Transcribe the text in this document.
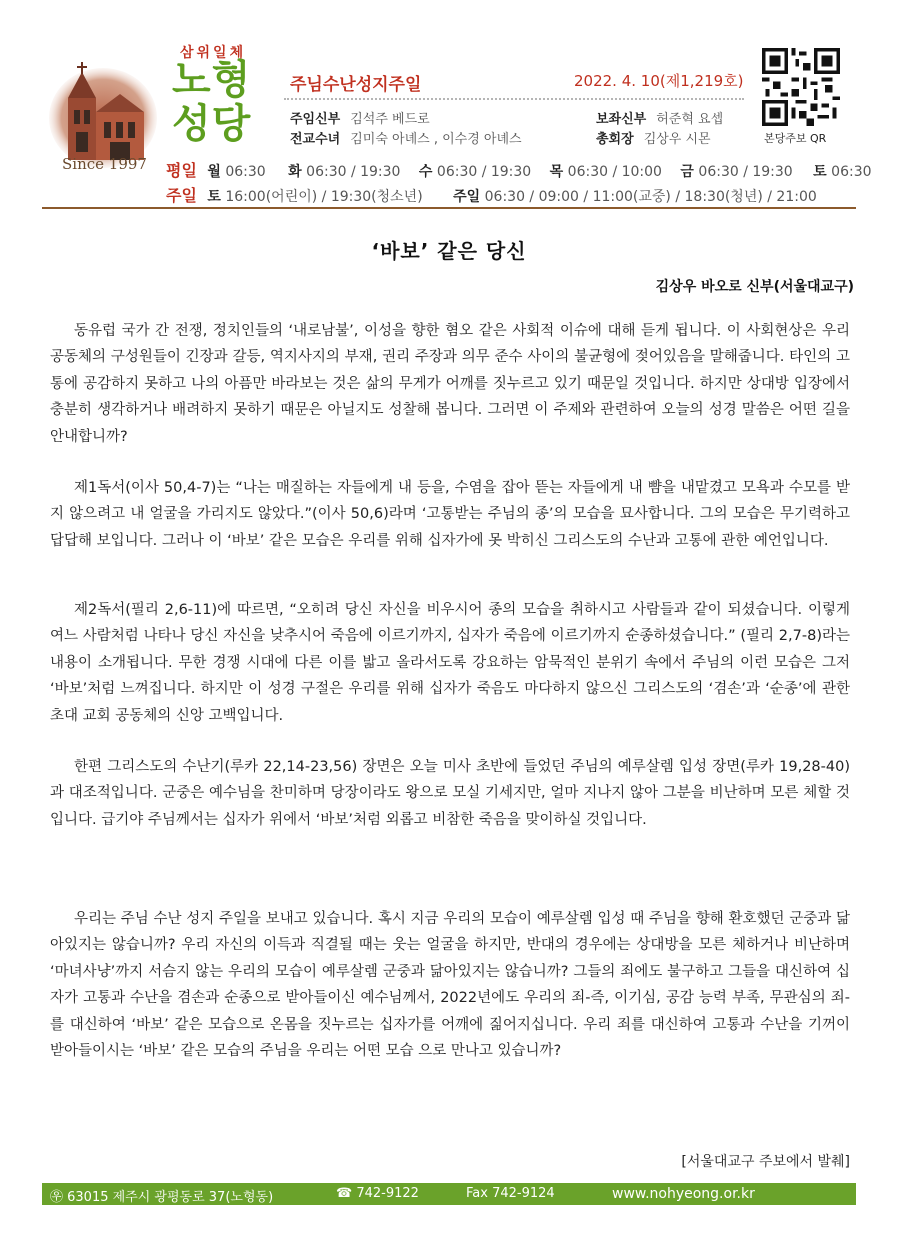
Since 1997
삼위일체
노형
성당
주님수난성지주일	2022. 4. 10(제1,219호)
주임신부 김석주 베드로	보좌신부 허준혁 요셉
전교수녀 김미숙 아녜스 , 이수경 아녜스	총회장 김상우 시몬	본당주보 QR
평일 월 06:30 화 06:30 / 19:30 수 06:30 / 19:30 목 06:30 / 10:00 금 06:30 / 19:30 토 06:30
주일 토 16:00(어린이) / 19:30(청소년) 주일 06:30 / 09:00 / 11:00(교중) / 18:30(청년) / 21:00
‘바보’ 같은 당신
김상우 바오로 신부(서울대교구)

동유럽 국가 간 전쟁, 정치인들의 ‘내로남불’, 이성을 향한 혐오 같은 사회적 이슈에 대해 듣게 됩니다. 이 사회현상은 우리 공동체의 구성원들이 긴장과 갈등, 역지사지의 부재, 권리 주장과 의무 준수 사이의 불균형에 젖어있음을 말해줍니다. 타인의 고통에 공감하지 못하고 나의 아픔만 바라보는 것은 삶의 무게가 어깨를 짓누르고 있기 때문일 것입니다. 하지만 상대방 입장에서 충분히 생각하거나 배려하지 못하기 때문은 아닐지도 성찰해 봅니다. 그러면 이 주제와 관련하여 오늘의 성경 말씀은 어떤 길을 안내합니까?

제1독서(이사 50,4-7)는 “나는 매질하는 자들에게 내 등을, 수염을 잡아 뜯는 자들에게 내 뺨을 내맡겼고 모욕과 수모를 받지 않으려고 내 얼굴을 가리지도 않았다.”(이사 50,6)라며 ‘고통받는 주님의 종’의 모습을 묘사합니다. 그의 모습은 무기력하고 답답해 보입니다. 그러나 이 ‘바보’ 같은 모습은 우리를 위해 십자가에 못 박히신 그리스도의 수난과 고통에 관한 예언입니다.

제2독서(필리 2,6-11)에 따르면, “오히려 당신 자신을 비우시어 종의 모습을 취하시고 사람들과 같이 되셨습니다. 이렇게 여느 사람처럼 나타나 당신 자신을 낮추시어 죽음에 이르기까지, 십자가 죽음에 이르기까지 순종하셨습니다.” (필리 2,7-8)라는 내용이 소개됩니다. 무한 경쟁 시대에 다른 이를 밟고 올라서도록 강요하는 암묵적인 분위기 속에서 주님의 이런 모습은 그저 ‘바보’처럼 느껴집니다. 하지만 이 성경 구절은 우리를 위해 십자가 죽음도 마다하지 않으신 그리스도의 ‘겸손’과 ‘순종’에 관한 초대 교회 공동체의 신앙 고백입니다.

한편 그리스도의 수난기(루카 22,14-23,56) 장면은 오늘 미사 초반에 들었던 주님의 예루살렘 입성 장면(루카 19,28-40)과 대조적입니다. 군중은 예수님을 찬미하며 당장이라도 왕으로 모실 기세지만, 얼마 지나지 않아 그분을 비난하며 모른 체할 것입니다. 급기야 주님께서는 십자가 위에서 ‘바보’처럼 외롭고 비참한 죽음을 맞이하실 것입니다.

우리는 주님 수난 성지 주일을 보내고 있습니다. 혹시 지금 우리의 모습이 예루살렘 입성 때 주님을 향해 환호했던 군중과 닮아있지는 않습니까? 우리 자신의 이득과 직결될 때는 웃는 얼굴을 하지만, 반대의 경우에는 상대방을 모른 체하거나 비난하며 ‘마녀사냥’까지 서슴지 않는 우리의 모습이 예루살렘 군중과 닮아있지는 않습니까? 그들의 죄에도 불구하고 그들을 대신하여 십자가 고통과 수난을 겸손과 순종으로 받아들이신 예수님께서, 2022년에도 우리의 죄-즉, 이기심, 공감 능력 부족, 무관심의 죄-를 대신하여 ‘바보’ 같은 모습으로 온몸을 짓누르는 십자가를 어깨에 짊어지십니다. 우리 죄를 대신하여 고통과 수난을 기꺼이 받아들이시는 ‘바보’ 같은 모습의 주님을 우리는 어떤 모습 으로 만나고 있습니까?

[서울대교구 주보에서 발췌]
㉾ 63015 제주시 광평동로 37(노형동)	☎ 742-9122	Fax 742-9124	www.nohyeong.or.kr
